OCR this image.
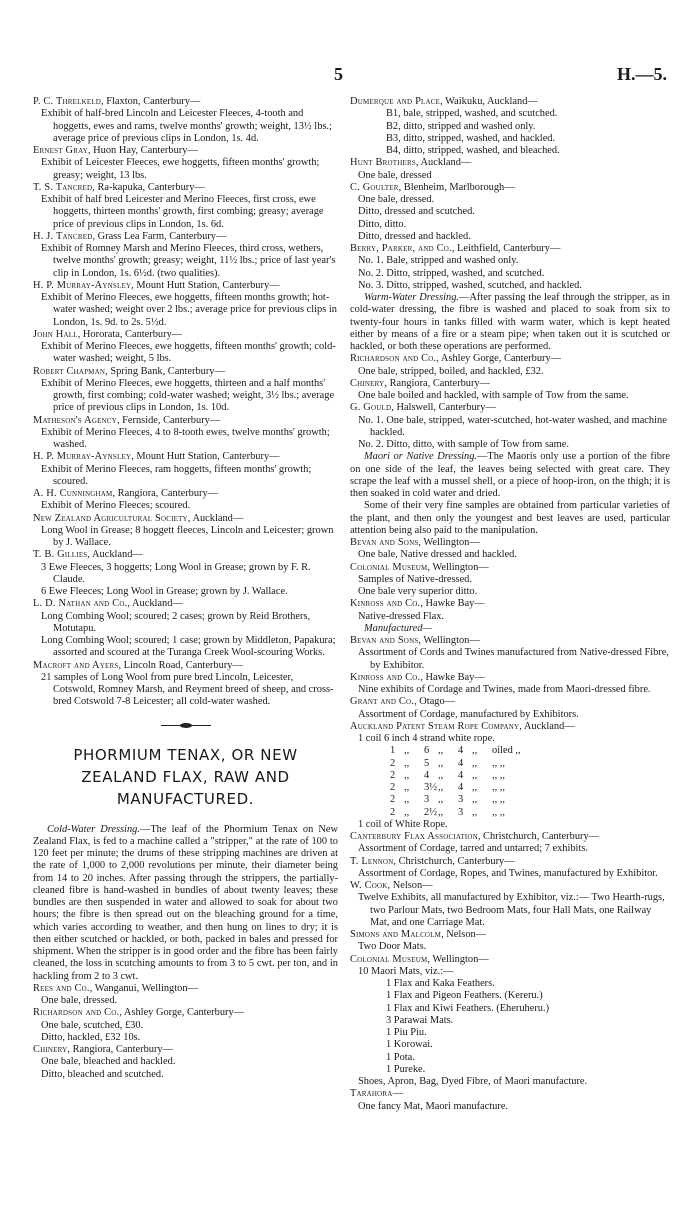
5	H.—5.
P. C. Threlkeld, Flaxton, Canterbury—
Exhibit of half-bred Lincoln and Leicester Fleeces, 4-tooth and hoggetts, ewes and rams, twelve months' growth; weight, 13½ lbs.; average price of previous clips in London, 1s. 4d.
Ernest Gray, Huon Hay, Canterbury—
Exhibit of Leicester Fleeces, ewe hoggetts, fifteen months' growth; greasy; weight, 13 lbs.
T. S. Tancred, Ra-kapuka, Canterbury—
Exhibit of half bred Leicester and Merino Fleeces, first cross, ewe hoggetts, thirteen months' growth, first combing; greasy; average price of previous clips in London, 1s. 6d.
H. J. Tancred, Grass Lea Farm, Canterbury—
Exhibit of Romney Marsh and Merino Fleeces, third cross, wethers, twelve months' growth; greasy; weight, 11½ lbs.; price of last year's clip in London, 1s. 6½d. (two qualities).
H. P. Murray-Aynsley, Mount Hutt Station, Canterbury—
Exhibit of Merino Fleeces, ewe hoggetts, fifteen months growth; hot-water washed; weight over 2 lbs.; average price for previous clips in London, 1s. 9d. to 2s. 5½d.
John Hall, Hororata, Canterbury—
Exhibit of Merino Fleeces, ewe hoggetts, fifteen months' growth; cold-water washed; weight, 5 lbs.
Robert Chapman, Spring Bank, Canterbury—
Exhibit of Merino Fleeces, ewe hoggetts, thirteen and a half months' growth, first combing; cold-water washed; weight, 3½ lbs.; average price of previous clips in London, 1s. 10d.
Matheson's Agency, Fernside, Canterbury—
Exhibit of Merino Fleeces, 4 to 8-tooth ewes, twelve months' growth; washed.
H. P. Murray-Aynsley, Mount Hutt Station, Canterbury—
Exhibit of Merino Fleeces, ram hoggetts, fifteen months' growth; scoured.
A. H. Cunningham, Rangiora, Canterbury—
Exhibit of Merino Fleeces; scoured.
New Zealand Agricultural Society, Auckland—
Long Wool in Grease; 8 hoggett fleeces, Lincoln and Leicester; grown by J. Wallace.
T. B. Gillies, Auckland—
3 Ewe Fleeces, 3 hoggetts; Long Wool in Grease; grown by F. R. Claude.
6 Ewe Fleeces; Long Wool in Grease; grown by J. Wallace.
L. D. Nathan and Co., Auckland—
Long Combing Wool; scoured; 2 cases; grown by Reid Brothers, Motutapu.
Long Combing Wool; scoured; 1 case; grown by Middleton, Papakura; assorted and scoured at the Turanga Creek Wool-scouring Works.
Macroft and Ayers, Lincoln Road, Canterbury—
21 samples of Long Wool from pure bred Lincoln, Leicester, Cotswold, Romney Marsh, and Reyment breed of sheep, and cross-bred Cotswold 7-8 Leicester; all cold-water washed.
PHORMIUM TENAX, OR NEW ZEALAND FLAX, RAW AND MANUFACTURED.

Cold-Water Dressing.—The leaf of the Phormium Tenax on New Zealand Flax, is fed to a machine called a "stripper," at the rate of 100 to 120 feet per minute; the drums of these stripping machines are driven at the rate of 1,000 to 2,000 revolutions per minute, their diameter being from 14 to 20 inches. After passing through the strippers, the partially-cleaned fibre is hand-washed in bundles of about twenty leaves; these bundles are then suspended in water and allowed to soak for about two hours; the fibre is then spread out on the bleaching ground for a time, which varies according to weather, and then hung on lines to dry; it is then either scutched or hackled, or both, packed in bales and pressed for shipment. When the stripper is in good order and the fibre has been fairly cleaned, the loss in scutching amounts to from 3 to 5 cwt. per ton, and in hackling from 2 to 3 cwt.

Rees and Co., Wanganui, Wellington—
One bale, dressed.
Richardson and Co., Ashley Gorge, Canterbury—
One bale, scutched, £30.
Ditto, hackled, £32 10s.
Chinery, Rangiora, Canterbury—
One bale, bleached and hackled.
Ditto, bleached and scutched.
Dumerque and Place, Waikuku, Auckland—
B1, bale, stripped, washed, and scutched.
B2, ditto, stripped and washed only.
B3, ditto, stripped, washed, and hackled.
B4, ditto, stripped, washed, and bleached.
Hunt Brothers, Auckland—
One bale, dressed
C. Goulter, Blenheim, Marlborough—
One bale, dressed.
Ditto, dressed and scutched.
Ditto, ditto.
Ditto, dressed and hackled.
Berry, Parker, and Co., Leithfield, Canterbury—
No. 1. Bale, stripped and washed only.
No. 2. Ditto, stripped, washed, and scutched.
No. 3. Ditto, stripped, washed, scutched, and hackled.

Warm-Water Dressing.—After passing the leaf through the stripper, as in cold-water dressing, the fibre is washed and placed to soak from six to twenty-four hours in tanks filled with warm water, which is kept heated either by means of a fire or a steam pipe; when taken out it is scutched or hackled, or both these operations are performed.

Richardson and Co., Ashley Gorge, Canterbury—
One bale, stripped, boiled, and hackled, £32.
Chinery, Rangiora, Canterbury—
One bale boiled and hackled, with sample of Tow from the same.
G. Gould, Halswell, Canterbury—
No. 1. One bale, stripped, water-scutched, hot-water washed, and machine hackled.
No. 2. Ditto, ditto, with sample of Tow from same.

Maori or Native Dressing.—The Maoris only use a portion of the fibre on one side of the leaf, the leaves being selected with great care. They scrape the leaf with a mussel shell, or a piece of hoop-iron, on the thigh; it is then soaked in cold water and dried.

Some of their very fine samples are obtained from particular varieties of the plant, and then only the youngest and best leaves are used, particular attention being also paid to the manipulation.

Bevan and Sons, Wellington—
One bale, Native dressed and hackled.
Colonial Museum, Wellington—
Samples of Native-dressed.
One bale very superior ditto.
Kinross and Co., Hawke Bay—
Native-dressed Flax.
Manufactured—
Bevan and Sons, Wellington—
Assortment of Cords and Twines manufactured from Native-dressed Fibre, by Exhibitor.
Kinross and Co., Hawke Bay—
Nine exhibits of Cordage and Twines, made from Maori-dressed fibre.
Grant and Co., Otago—
Assortment of Cordage, manufactured by Exhibitors.
Auckland Patent Steam Rope Company, Auckland—
1 coil 6 inch 4 strand white rope.
1 ,,	6 ,,	4 ,,	oiled ,,
2 ,,	5 ,,	4 ,,	,, ,,
2 ,,	4 ,,	4 ,,	,, ,,
2 ,,	3½ ,,	4 ,,	,, ,,
2 ,,	3 ,,	3 ,,	,, ,,
2 ,,	2½ ,,	3 ,,	,, ,,
1 coil of White Rope.
Canterbury Flax Association, Christchurch, Canterbury—
Assortment of Cordage, tarred and untarred; 7 exhibits.
T. Lennon, Christchurch, Canterbury—
Assortment of Cordage, Ropes, and Twines, manufactured by Exhibitor.
W. Cook, Nelson—
Twelve Exhibits, all manufactured by Exhibitor, viz.:— Two Hearth-rugs, two Parlour Mats, two Bedroom Mats, four Hall Mats, one Railway Mat, and one Carriage Mat.
Simons and Malcolm, Nelson—
Two Door Mats.
Colonial Museum, Wellington—
10 Maori Mats, viz.:—
1 Flax and Kaka Feathers.
1 Flax and Pigeon Feathers. (Kereru.)
1 Flax and Kiwi Feathers. (Eheruheru.)
3 Parawai Mats.
1 Piu Piu.
1 Korowai.
1 Pota.
1 Pureke.
Shoes, Apron, Bag, Dyed Fibre, of Maori manufacture.
Tarahora—
One fancy Mat, Maori manufacture.
